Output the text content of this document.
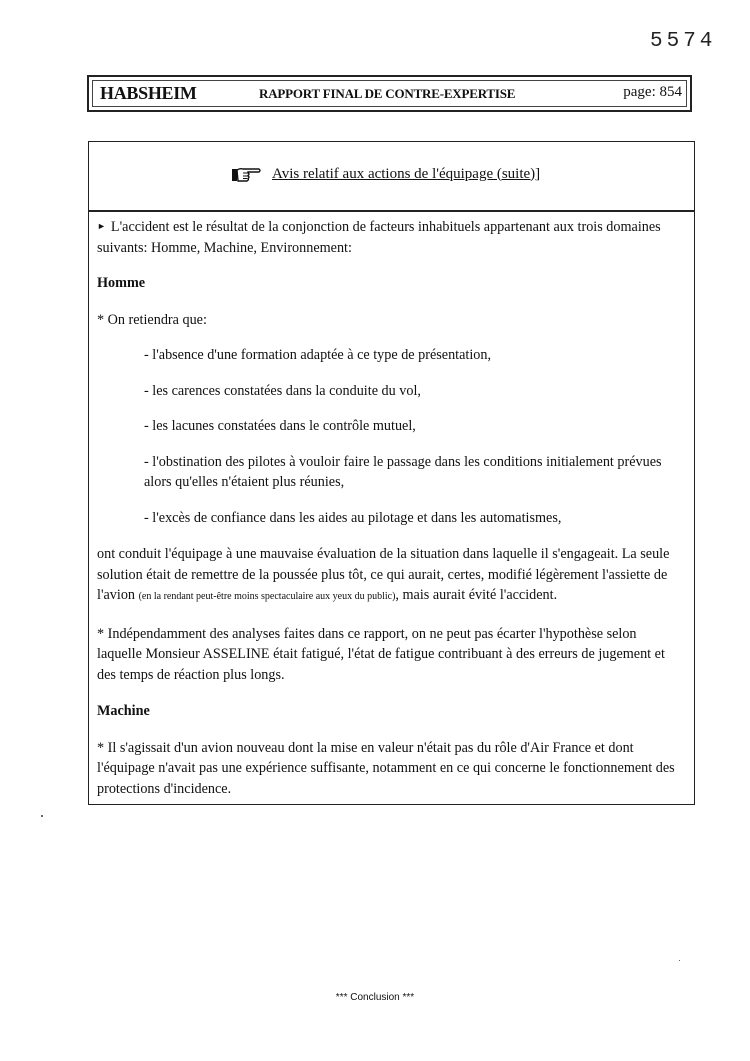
5574
HABSHEIM	RAPPORT FINAL DE CONTRE-EXPERTISE	page: 854
Avis relatif aux actions de l'équipage (suite)]

► L'accident est le résultat de la conjonction de facteurs inhabituels appartenant aux trois domaines suivants: Homme, Machine, Environnement:

Homme

* On retiendra que:

- l'absence d'une formation adaptée à ce type de présentation,

- les carences constatées dans la conduite du vol,

- les lacunes constatées dans le contrôle mutuel,

- l'obstination des pilotes à vouloir faire le passage dans les conditions initialement prévues alors qu'elles n'étaient plus réunies,

- l'excès de confiance dans les aides au pilotage et dans les automatismes,

ont conduit l'équipage à une mauvaise évaluation de la situation dans laquelle il s'engageait. La seule solution était de remettre de la poussée plus tôt, ce qui aurait, certes, modifié légèrement l'assiette de l'avion (en la rendant peut-être moins spectaculaire aux yeux du public), mais aurait évité l'accident.

* Indépendamment des analyses faites dans ce rapport, on ne peut pas écarter l'hypothèse selon laquelle Monsieur ASSELINE était fatigué, l'état de fatigue contribuant à des erreurs de jugement et des temps de réaction plus longs.

Machine

* Il s'agissait d'un avion nouveau dont la mise en valeur n'était pas du rôle d'Air France et dont l'équipage n'avait pas une expérience suffisante, notamment en ce qui concerne le fonctionnement des protections d'incidence.

*** Conclusion ***
